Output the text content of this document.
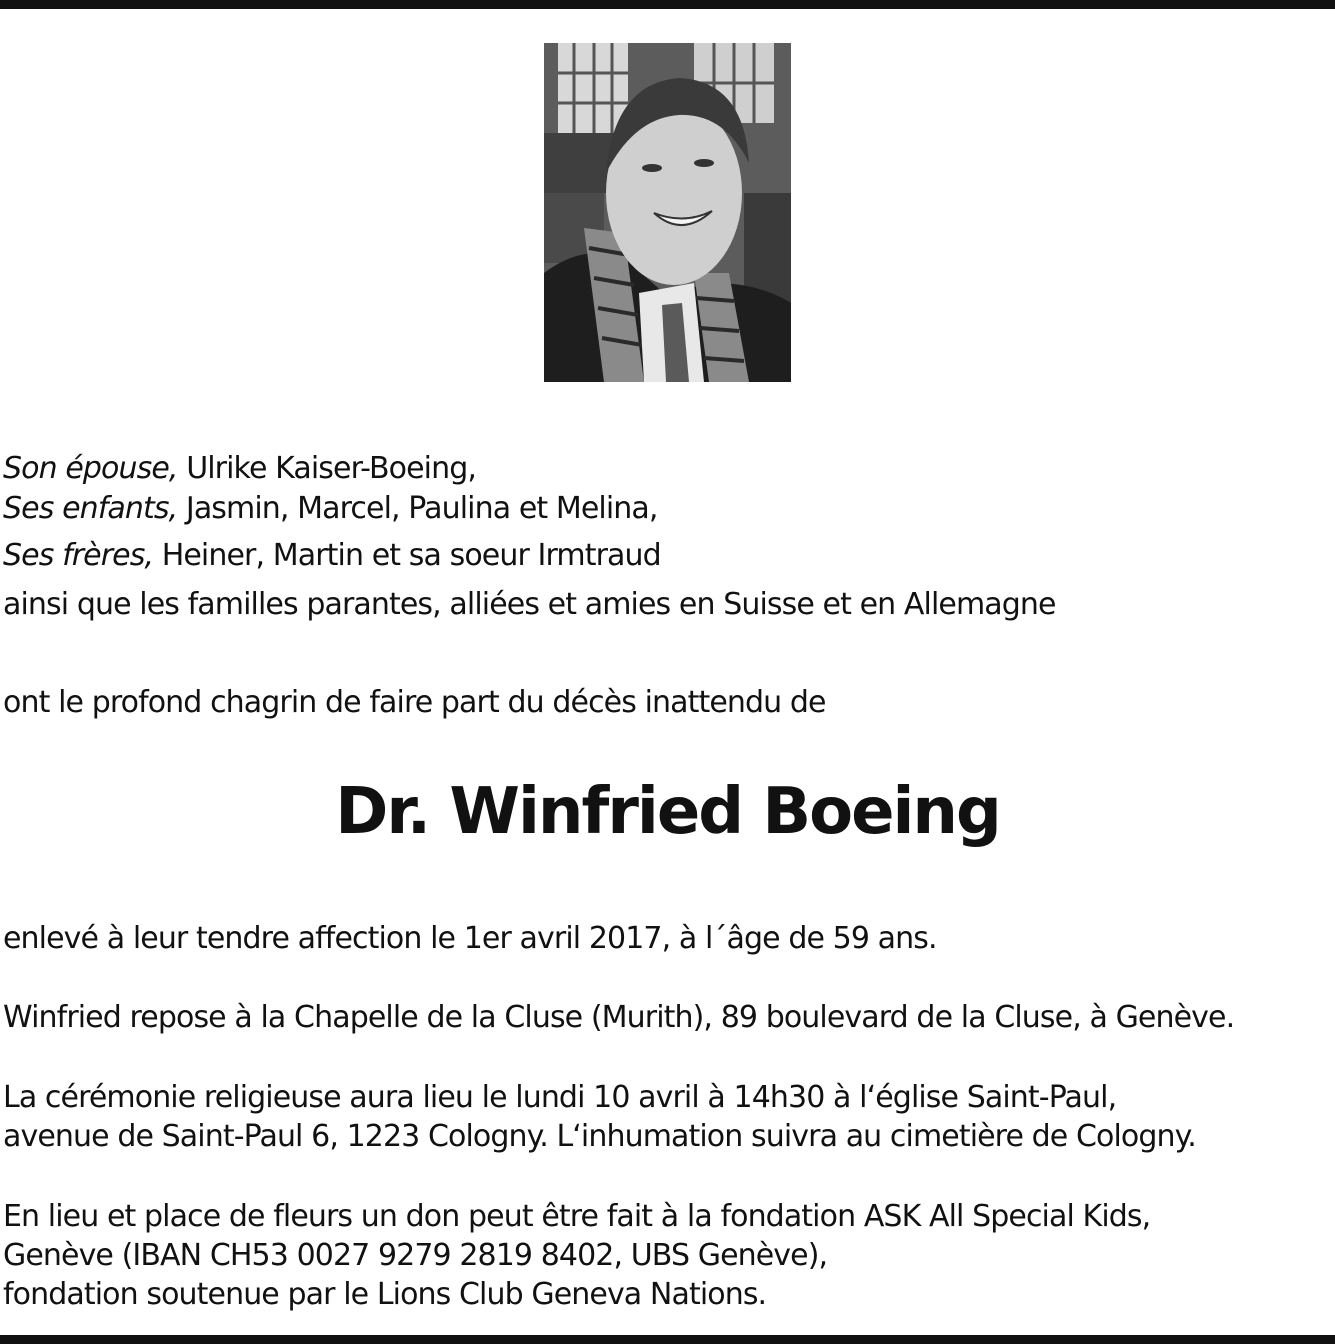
Son épouse, Ulrike Kaiser-Boeing,
Ses enfants, Jasmin, Marcel, Paulina et Melina,
Ses frères, Heiner, Martin et sa soeur Irmtraud
ainsi que les familles parantes, alliées et amies en Suisse et en Allemagne
ont le profond chagrin de faire part du décès inattendu de
Dr. Winfried Boeing
enlevé à leur tendre affection le 1er avril 2017, à l´âge de 59 ans.
Winfried repose à la Chapelle de la Cluse (Murith), 89 boulevard de la Cluse, à Genève.
La cérémonie religieuse aura lieu le lundi 10 avril à 14h30 à l‘église Saint-Paul,
avenue de Saint-Paul 6, 1223 Cologny. L‘inhumation suivra au cimetière de Cologny.
En lieu et place de fleurs un don peut être fait à la fondation ASK All Special Kids,
Genève (IBAN CH53 0027 9279 2819 8402, UBS Genève),
fondation soutenue par le Lions Club Geneva Nations.
